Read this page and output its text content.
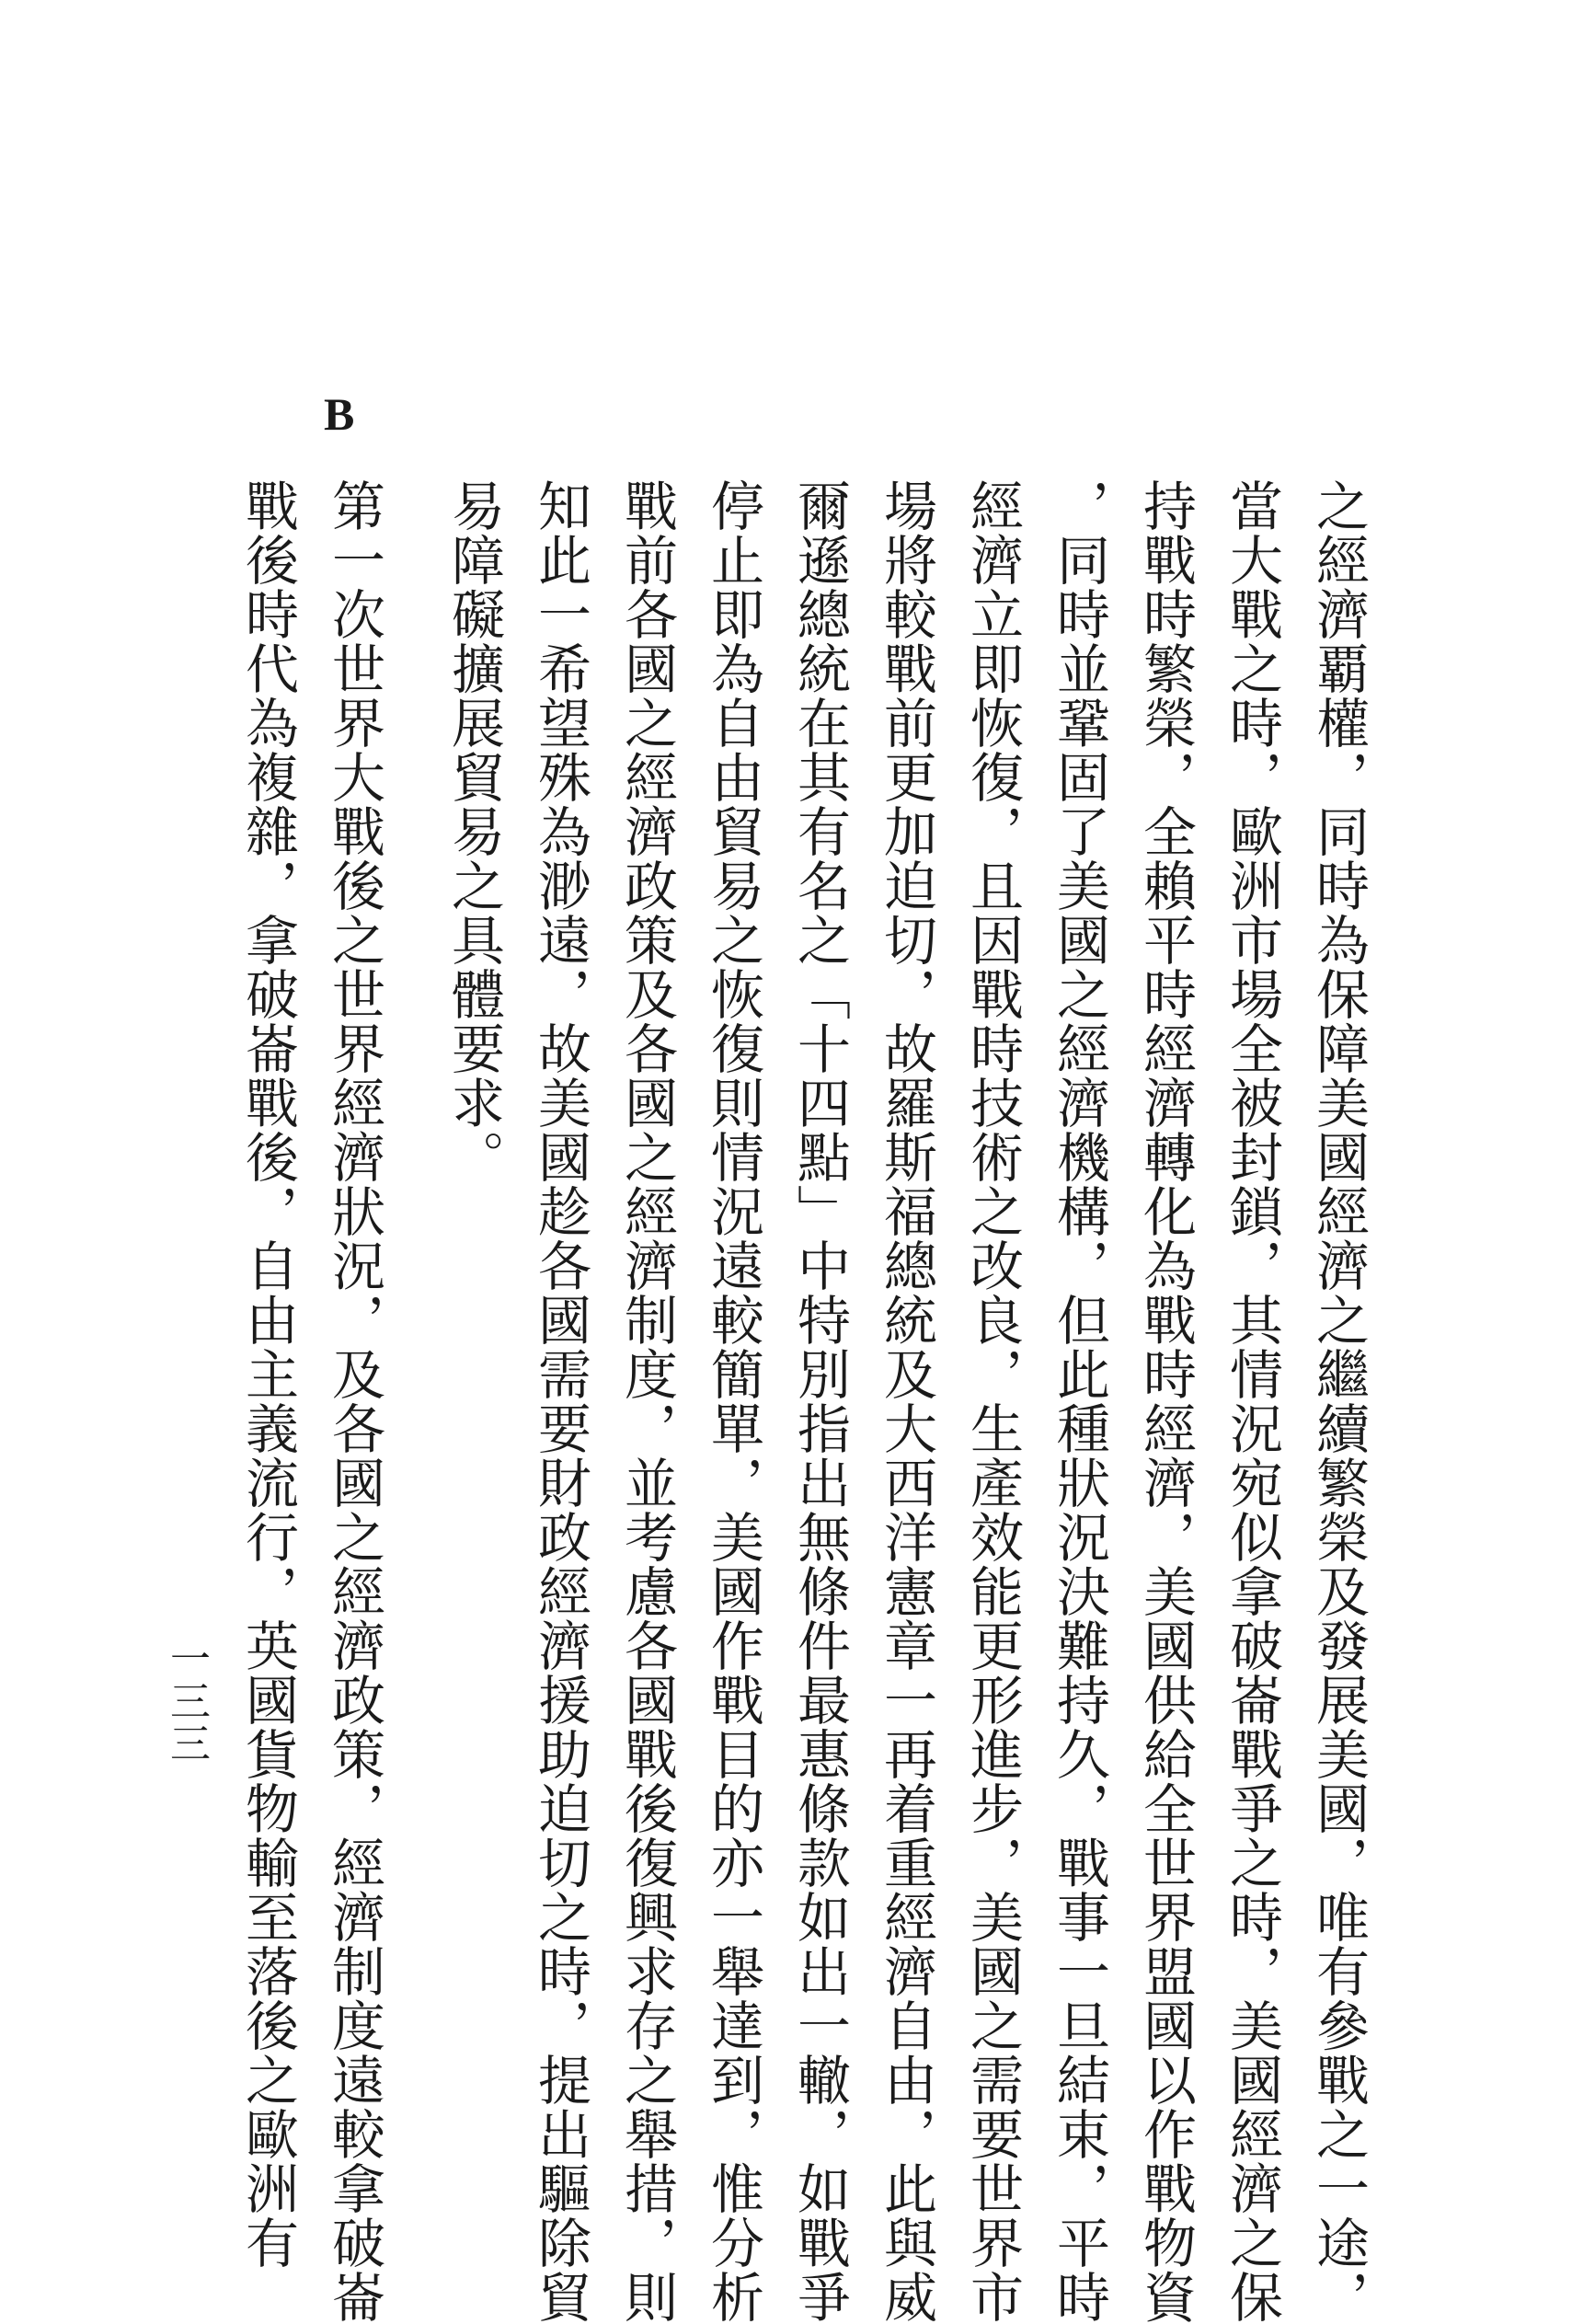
之經濟覇權，同時為保障美國經濟之繼續繁榮及發展美國，唯有參戰之一途，
當大戰之時，歐洲市場全被封鎖，其情況宛似拿破崙戰爭之時，美國經濟之保
持戰時繁榮，全賴平時經濟轉化為戰時經濟，美國供給全世界盟國以作戰物資
，同時並鞏固了美國之經濟機構，但此種狀況決難持久，戰事一旦結束，平時
經濟立即恢復，且因戰時技術之改良，生產效能更形進步，美國之需要世界市
場將較戰前更加迫切，故羅斯福總統及大西洋憲章一再着重經濟自由，此與威
爾遜總統在其有名之「十四點」中特別指出無條件最惠條款如出一轍，如戰爭
停止即為自由貿易之恢復則情況遠較簡單，美國作戰目的亦一舉達到，惟分析
戰前各國之經濟政策及各國之經濟制度，並考慮各國戰後復興求存之舉措，則
知此一希望殊為渺遠，故美國趁各國需要財政經濟援助迫切之時，提出驅除貿
易障礙擴展貿易之具體要求。
B
第一次世界大戰後之世界經濟狀況，及各國之經濟政策，經濟制度遠較拿破崙
戰後時代為複雜，拿破崙戰後，自由主義流行，英國貨物輸至落後之歐洲有
一三三
